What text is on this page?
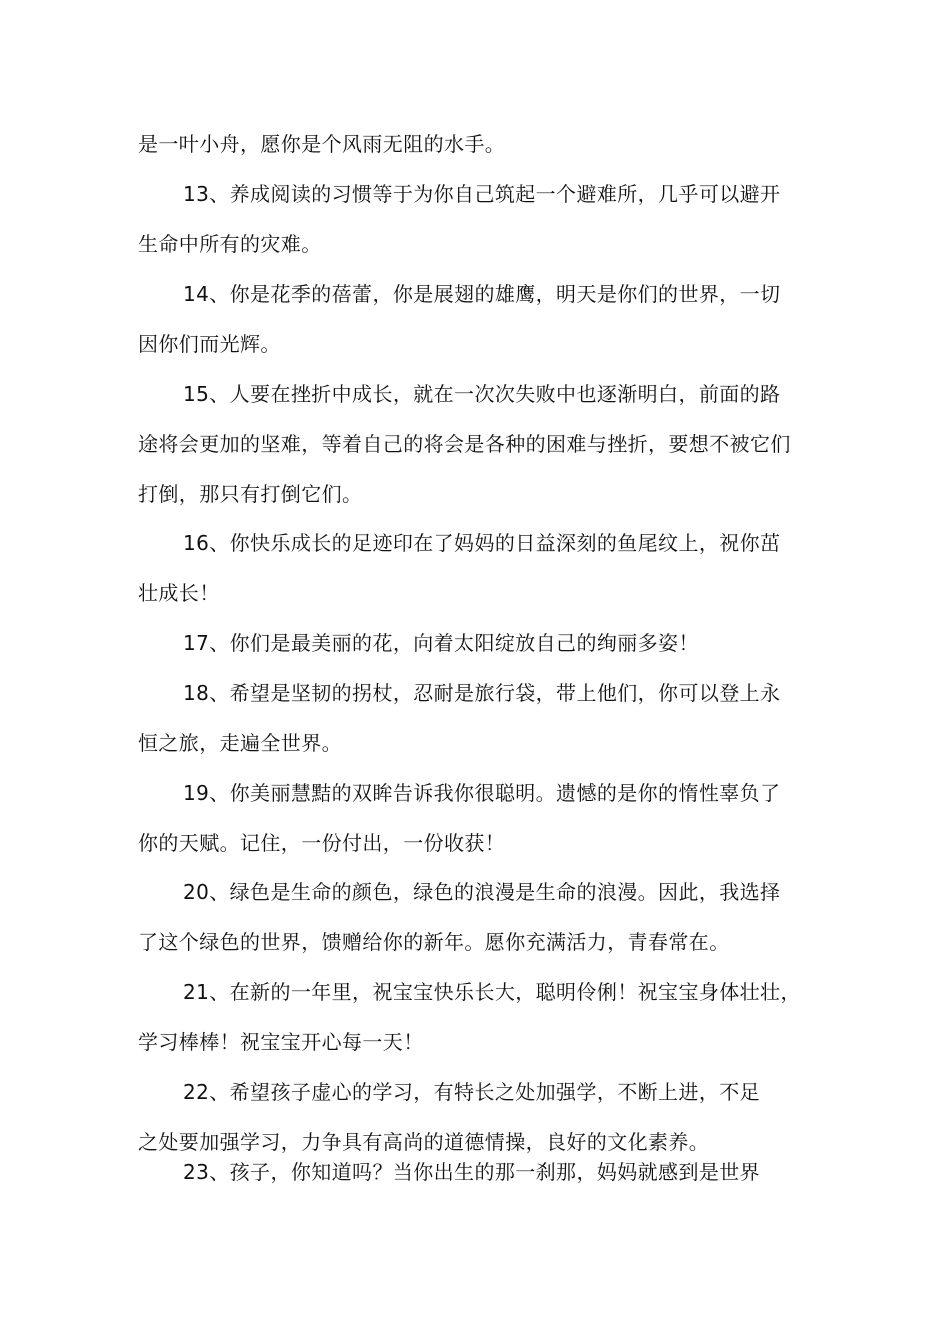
是一叶小舟，愿你是个风雨无阻的水手。
13、养成阅读的习惯等于为你自己筑起一个避难所，几乎可以避开
生命中所有的灾难。
14、你是花季的蓓蕾，你是展翅的雄鹰，明天是你们的世界，一切
因你们而光辉。
15、人要在挫折中成长，就在一次次失败中也逐渐明白，前面的路
途将会更加的坚难，等着自己的将会是各种的困难与挫折，要想不被它们
打倒，那只有打倒它们。
16、你快乐成长的足迹印在了妈妈的日益深刻的鱼尾纹上，祝你茁
壮成长！
17、你们是最美丽的花，向着太阳绽放自己的绚丽多姿！
18、希望是坚韧的拐杖，忍耐是旅行袋，带上他们，你可以登上永
恒之旅，走遍全世界。
19、你美丽慧黠的双眸告诉我你很聪明。遗憾的是你的惰性辜负了
你的天赋。记住，一份付出，一份收获！
20、绿色是生命的颜色，绿色的浪漫是生命的浪漫。因此，我选择
了这个绿色的世界，馈赠给你的新年。愿你充满活力，青春常在。
21、在新的一年里，祝宝宝快乐长大，聪明伶俐！祝宝宝身体壮壮，
学习棒棒！祝宝宝开心每一天！
22、希望孩子虚心的学习，有特长之处加强学，不断上进，不足
之处要加强学习，力争具有高尚的道德情操，良好的文化素养。
23、孩子，你知道吗？当你出生的那一刹那，妈妈就感到是世界
